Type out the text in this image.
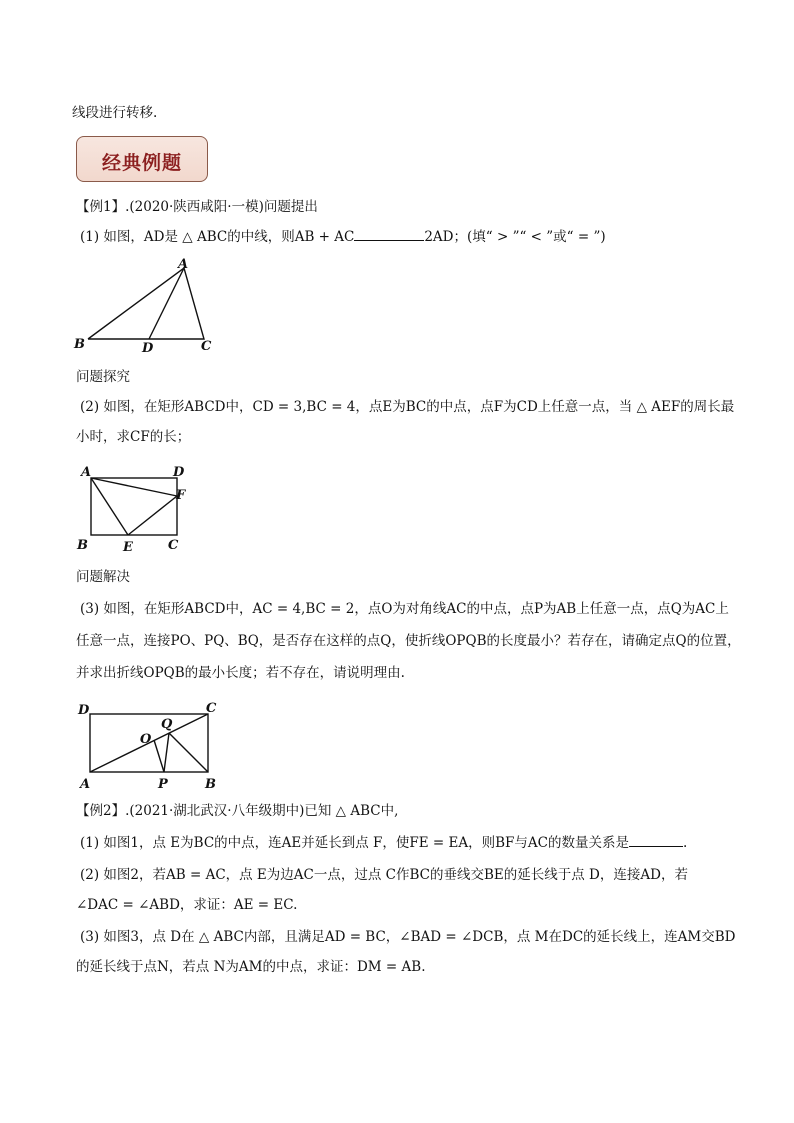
线段进行转移.
经典例题
【例1】.(2020·陕西咸阳·一模)问题提出
(1) 如图，AD是 △ ABC的中线，则AB + AC	2AD；(填“ > ”“ < ”或“ = ”)
A
B	D	C
问题探究
(2) 如图，在矩形ABCD中，CD = 3,BC = 4，点E为BC的中点，点F为CD上任意一点，当 △ AEF的周长最
小时，求CF的长；
A	D
F
B	E	C
问题解决
(3) 如图，在矩形ABCD中，AC = 4,BC = 2，点O为对角线AC的中点，点P为AB上任意一点，点Q为AC上
任意一点，连接PO、PQ、BQ，是否存在这样的点Q，使折线OPQB的长度最小？若存在，请确定点Q的位置，
并求出折线OPQB的最小长度；若不存在，请说明理由.
D	C
Q
O
A	P	B
【例2】.(2021·湖北武汉·八年级期中)已知 △ ABC中,
(1) 如图1，点 E为BC的中点，连AE并延长到点 F，使FE = EA，则BF与AC的数量关系是	.
(2) 如图2，若AB = AC，点 E为边AC一点，过点 C作BC的垂线交BE的延长线于点 D，连接AD，若
∠DAC = ∠ABD，求证：AE = EC.
(3) 如图3，点 D在 △ ABC内部，且满足AD = BC，∠BAD = ∠DCB，点 M在DC的延长线上，连AM交BD
的延长线于点N，若点 N为AM的中点，求证：DM = AB.
